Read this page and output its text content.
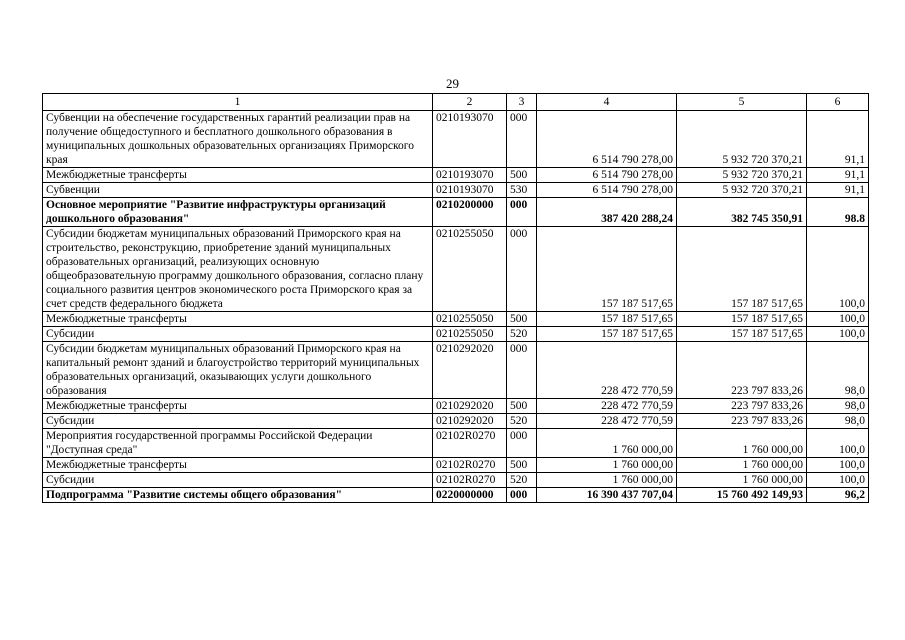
29
1	2	3	4	5	6
Субвенции на обеспечение государственных гарантий реализации прав на получение общедоступного и бесплатного дошкольного образования в муниципальных дошкольных образовательных организациях Приморского края	0210193070	000	6 514 790 278,00	5 932 720 370,21	91,1
Межбюджетные трансферты	0210193070	500	6 514 790 278,00	5 932 720 370,21	91,1
Субвенции	0210193070	530	6 514 790 278,00	5 932 720 370,21	91,1
Основное мероприятие "Развитие инфраструктуры организаций дошкольного образования"	0210200000	000	387 420 288,24	382 745 350,91	98.8
Субсидии бюджетам муниципальных образований Приморского края на строительство, реконструкцию, приобретение зданий муниципальных образовательных организаций, реализующих основную общеобразовательную программу дошкольного образования, согласно плану социального развития центров экономического роста Приморского края за счет средств федерального бюджета	0210255050	000	157 187 517,65	157 187 517,65	100,0
Межбюджетные трансферты	0210255050	500	157 187 517,65	157 187 517,65	100,0
Субсидии	0210255050	520	157 187 517,65	157 187 517,65	100,0
Субсидии бюджетам муниципальных образований Приморского края на капитальный ремонт зданий и благоустройство территорий муниципальных образовательных организаций, оказывающих услуги дошкольного образования	0210292020	000	228 472 770,59	223 797 833,26	98,0
Межбюджетные трансферты	0210292020	500	228 472 770,59	223 797 833,26	98,0
Субсидии	0210292020	520	228 472 770,59	223 797 833,26	98,0
Мероприятия государственной программы Российской Федерации "Доступная среда"	02102R0270	000	1 760 000,00	1 760 000,00	100,0
Межбюджетные трансферты	02102R0270	500	1 760 000,00	1 760 000,00	100,0
Субсидии	02102R0270	520	1 760 000,00	1 760 000,00	100,0
Подпрограмма "Развитие системы общего образования"	0220000000	000	16 390 437 707,04	15 760 492 149,93	96,2
